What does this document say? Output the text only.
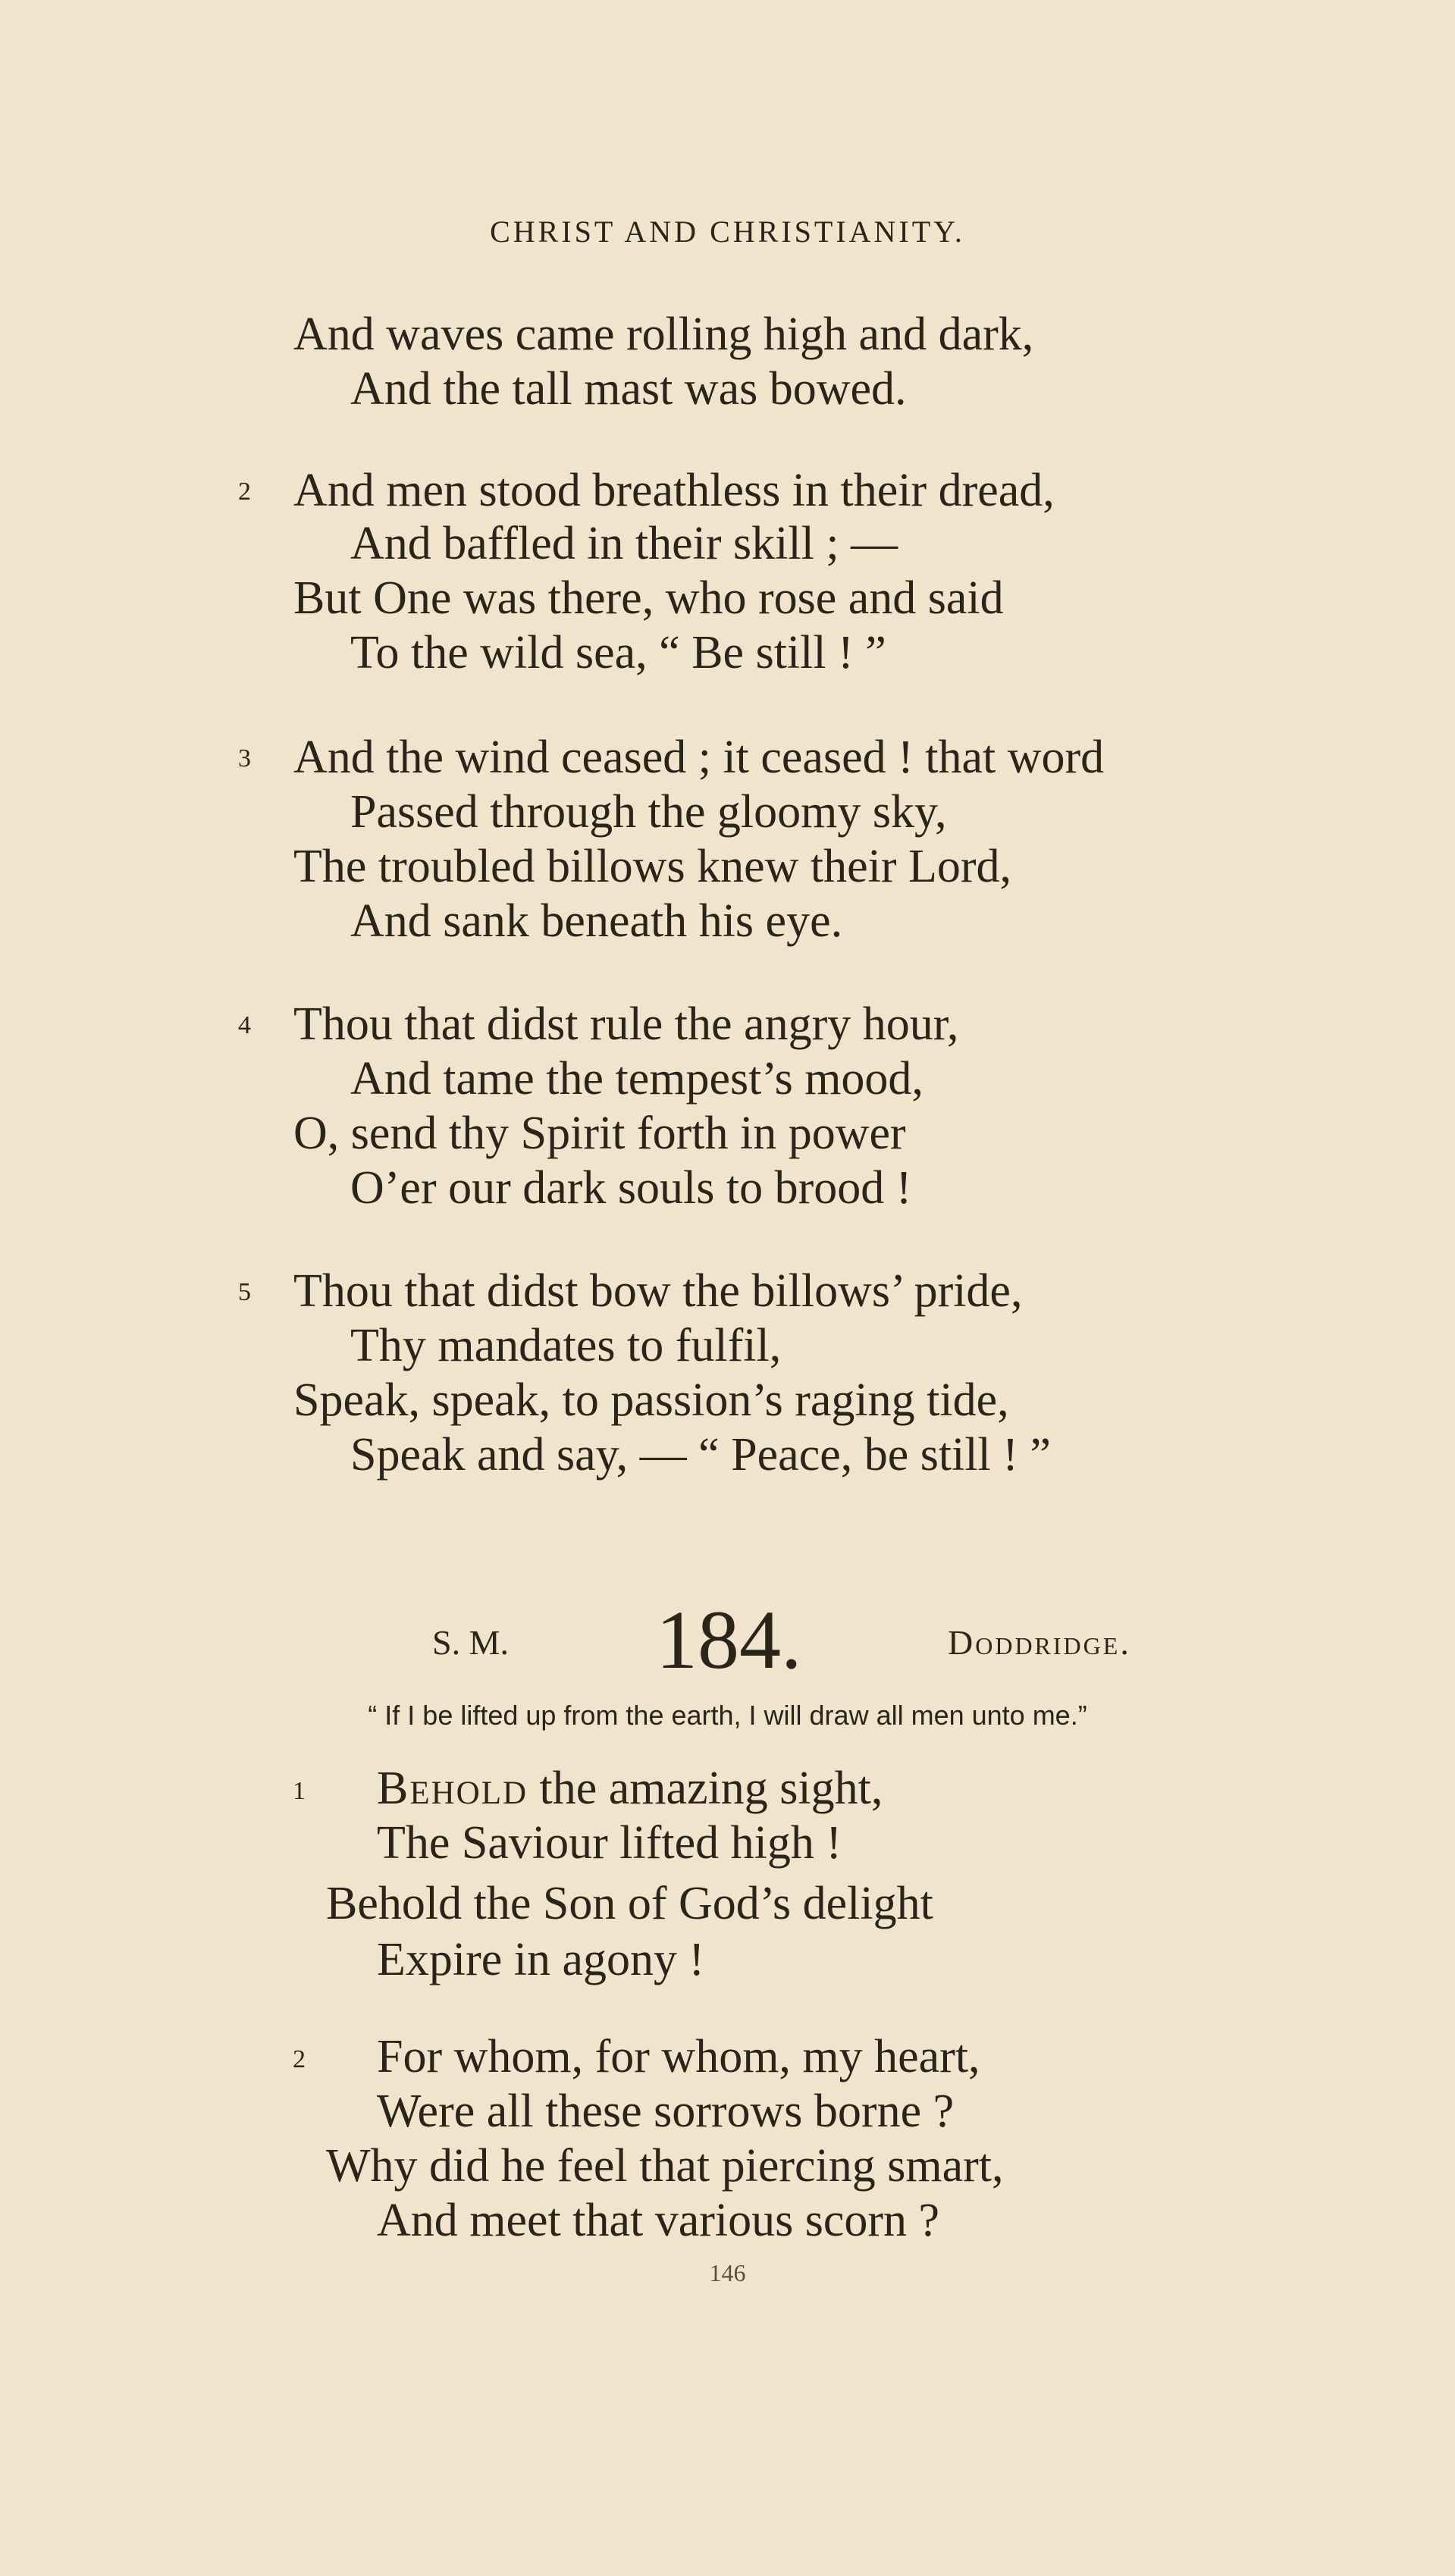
CHRIST AND CHRISTIANITY.
And waves came rolling high and dark,
And the tall mast was bowed.
2 And men stood breathless in their dread,
And baffled in their skill ; —
But One was there, who rose and said
To the wild sea, “ Be still ! ”
3 And the wind ceased ; it ceased ! that word
Passed through the gloomy sky,
The troubled billows knew their Lord,
And sank beneath his eye.
4 Thou that didst rule the angry hour,
And tame the tempest’s mood,
O, send thy Spirit forth in power
O’er our dark souls to brood !
5 Thou that didst bow the billows’ pride,
Thy mandates to fulfil,
Speak, speak, to passion’s raging tide,
Speak and say, — “ Peace, be still ! ”
S. M. 184.	Doddridge.
“ If I be lifted up from the earth, I will draw all men unto me.”
1 Behold the amazing sight,
The Saviour lifted high !
Behold the Son of God’s delight
Expire in agony !
2 For whom, for whom, my heart,
Were all these sorrows borne ?
Why did he feel that piercing smart,
And meet that various scorn ?
146
